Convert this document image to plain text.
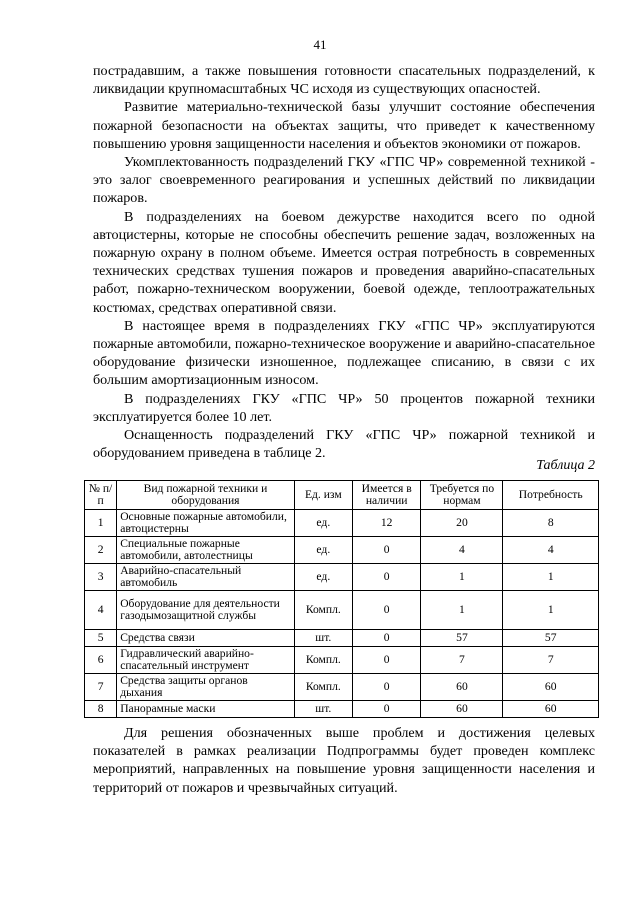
41

пострадавшим, а также повышения готовности спасательных подразделений, к ликвидации крупномасштабных ЧС исходя из существующих опасностей.

Развитие материально-технической базы улучшит состояние обеспечения пожарной безопасности на объектах защиты, что приведет к качественному повышению уровня защищенности населения и объектов экономики от пожаров.

Укомплектованность подразделений ГКУ «ГПС ЧР» современной техникой - это залог своевременного реагирования и успешных действий по ликвидации пожаров.

В подразделениях на боевом дежурстве находится всего по одной автоцистерны, которые не способны обеспечить решение задач, возложенных на пожарную охрану в полном объеме. Имеется острая потребность в современных технических средствах тушения пожаров и проведения аварийно-спасательных работ, пожарно-техническом вооружении, боевой одежде, теплоотражательных костюмах, средствах оперативной связи.

В настоящее время в подразделениях ГКУ «ГПС ЧР» эксплуатируются пожарные автомобили, пожарно-техническое вооружение и аварийно-спасательное оборудование физически изношенное, подлежащее списанию, в связи с их большим амортизационным износом.

В подразделениях ГКУ «ГПС ЧР» 50 процентов пожарной техники эксплуатируется более 10 лет.

Оснащенность подразделений ГКУ «ГПС ЧР» пожарной техникой и оборудованием приведена в таблице 2.

Таблица 2
№ п/п	Вид пожарной техники и оборудования	Ед. изм	Имеется в наличии	Требуется по нормам	Потребность
1	Основные пожарные автомобили, автоцистерны	ед.	12	20	8
2	Специальные пожарные автомобили, автолестницы	ед.	0	4	4
3	Аварийно-спасательный автомобиль	ед.	0	1	1
4	Оборудование для деятельности газодымозащитной службы	Компл.	0	1	1
5	Средства связи	шт.	0	57	57
6	Гидравлический аварийно-спасательный инструмент	Компл.	0	7	7
7	Средства защиты органов дыхания	Компл.	0	60	60
8	Панорамные маски	шт.	0	60	60

Для решения обозначенных выше проблем и достижения целевых показателей в рамках реализации Подпрограммы будет проведен комплекс мероприятий, направленных на повышение уровня защищенности населения и территорий от пожаров и чрезвычайных ситуаций.
